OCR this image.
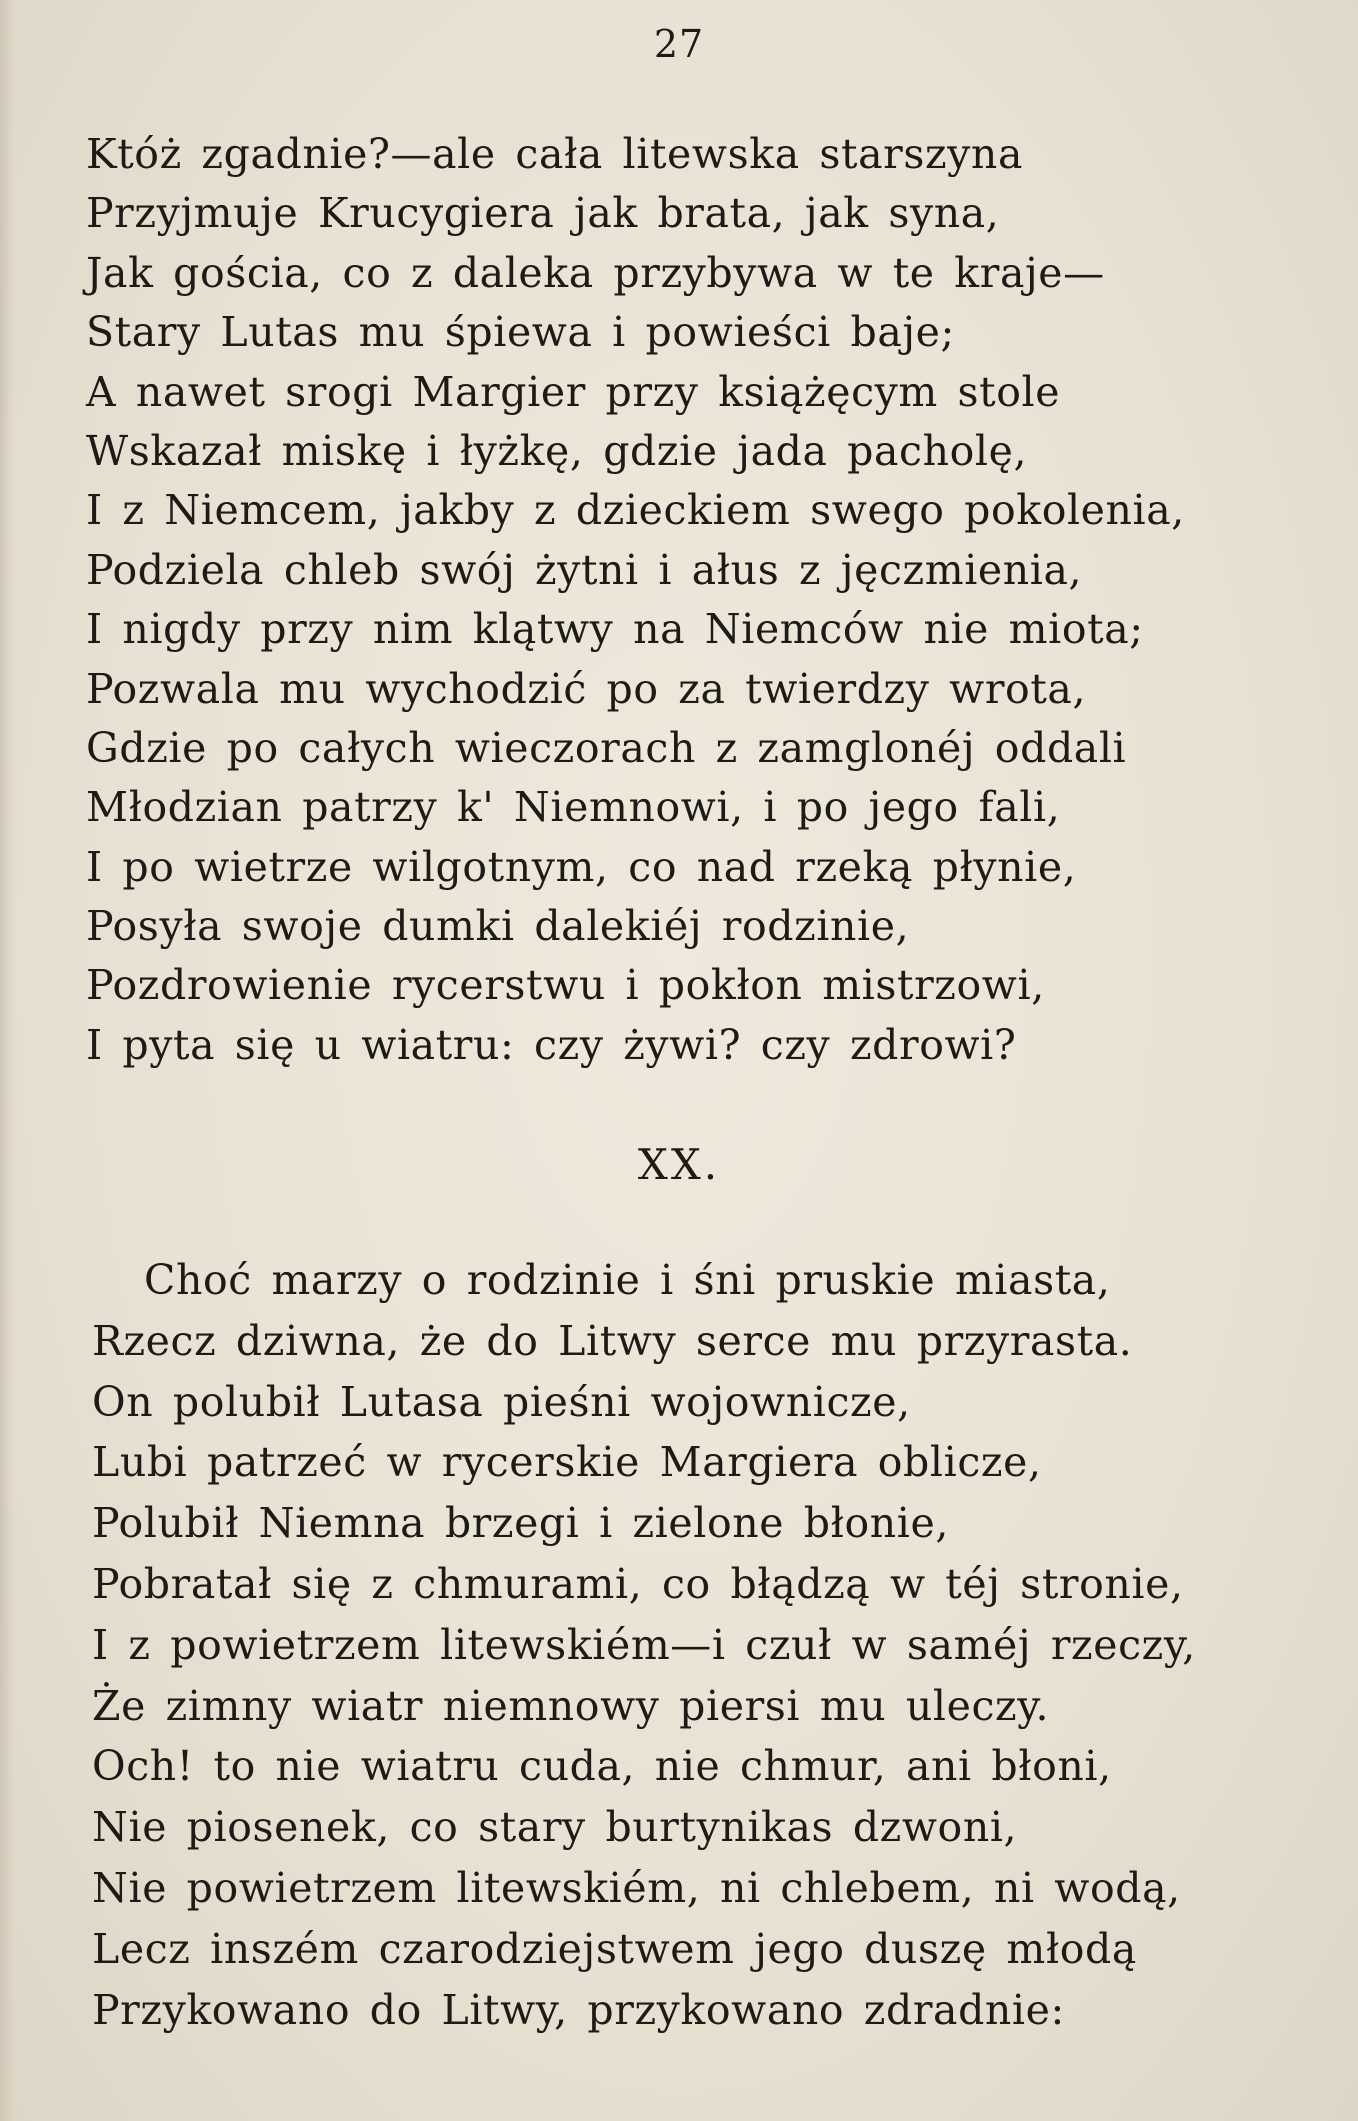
27
Któż zgadnie?—ale cała litewska starszyna
Przyjmuje Krucygiera jak brata, jak syna,
Jak gościa, co z daleka przybywa w te kraje—
Stary Lutas mu śpiewa i powieści baje;
A nawet srogi Margier przy książęcym stole
Wskazał miskę i łyżkę, gdzie jada pacholę,
I z Niemcem, jakby z dzieckiem swego pokolenia,
Podziela chleb swój żytni i ałus z jęczmienia,
I nigdy przy nim klątwy na Niemców nie miota;
Pozwala mu wychodzić po za twierdzy wrota,
Gdzie po całych wieczorach z zamglonéj oddali
Młodzian patrzy k' Niemnowi, i po jego fali,
I po wietrze wilgotnym, co nad rzeką płynie,
Posyła swoje dumki dalekiéj rodzinie,
Pozdrowienie rycerstwu i pokłon mistrzowi,
I pyta się u wiatru: czy żywi? czy zdrowi?
XX.
Choć marzy o rodzinie i śni pruskie miasta,
Rzecz dziwna, że do Litwy serce mu przyrasta.
On polubił Lutasa pieśni wojownicze,
Lubi patrzeć w rycerskie Margiera oblicze,
Polubił Niemna brzegi i zielone błonie,
Pobratał się z chmurami, co błądzą w téj stronie,
I z powietrzem litewskiém—i czuł w saméj rzeczy,
Że zimny wiatr niemnowy piersi mu uleczy.
Och! to nie wiatru cuda, nie chmur, ani błoni,
Nie piosenek, co stary burtynikas dzwoni,
Nie powietrzem litewskiém, ni chlebem, ni wodą,
Lecz inszém czarodziejstwem jego duszę młodą
Przykowano do Litwy, przykowano zdradnie:
